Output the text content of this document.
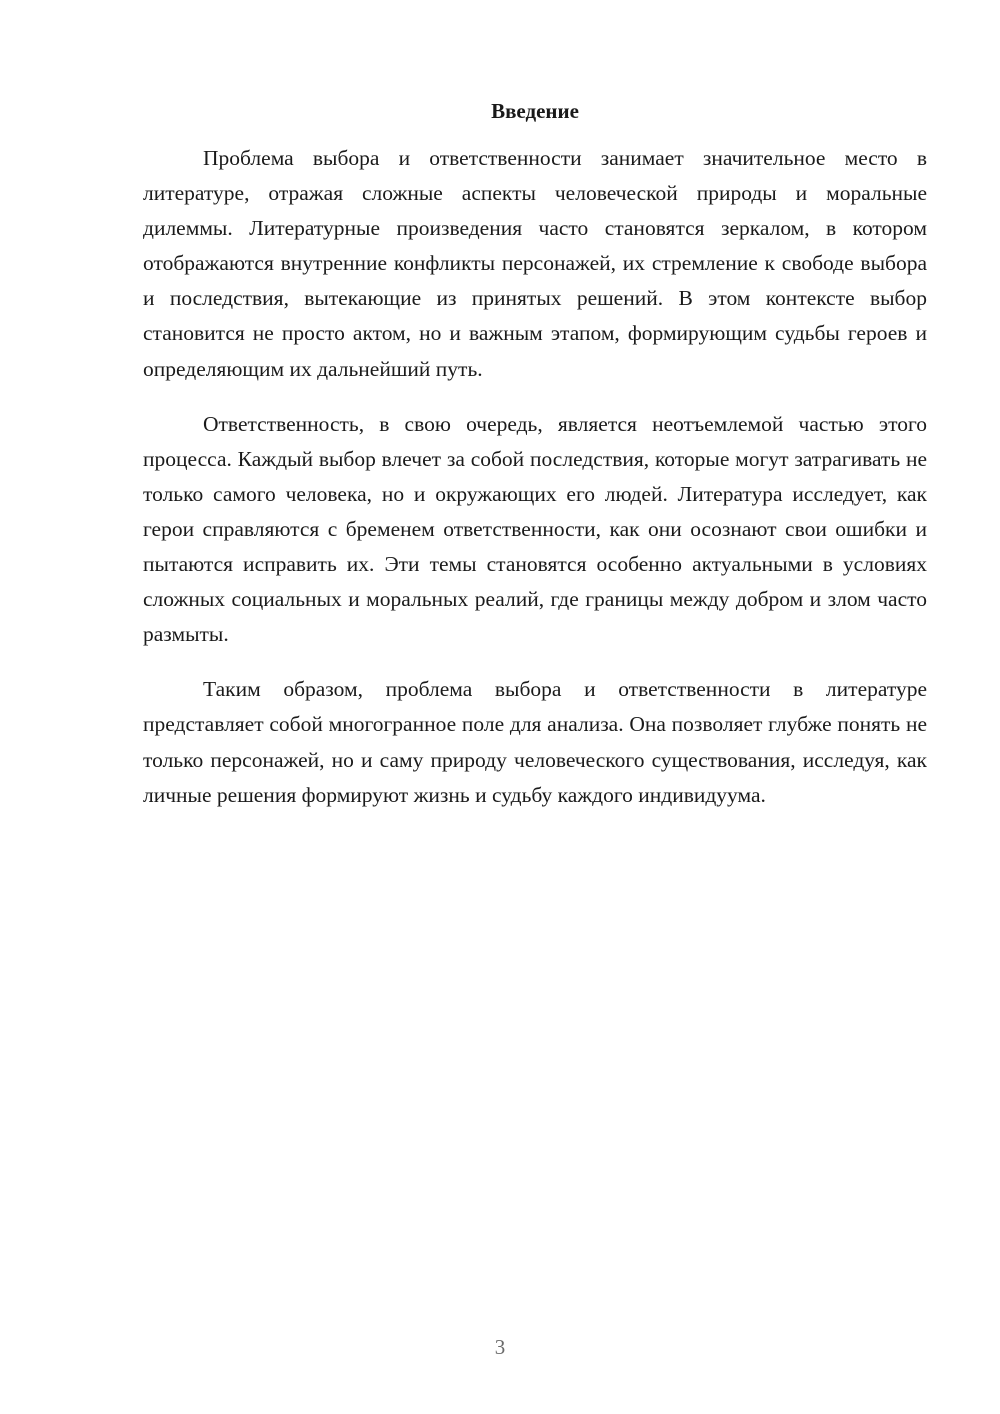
Введение

Проблема выбора и ответственности занимает значительное место в литературе, отражая сложные аспекты человеческой природы и моральные дилеммы. Литературные произведения часто становятся зеркалом, в котором отображаются внутренние конфликты персонажей, их стремление к свободе выбора и последствия, вытекающие из принятых решений. В этом контексте выбор становится не просто актом, но и важным этапом, формирующим судьбы героев и определяющим их дальнейший путь.

Ответственность, в свою очередь, является неотъемлемой частью этого процесса. Каждый выбор влечет за собой последствия, которые могут затрагивать не только самого человека, но и окружающих его людей. Литература исследует, как герои справляются с бременем ответственности, как они осознают свои ошибки и пытаются исправить их. Эти темы становятся особенно актуальными в условиях сложных социальных и моральных реалий, где границы между добром и злом часто размыты.

Таким образом, проблема выбора и ответственности в литературе представляет собой многогранное поле для анализа. Она позволяет глубже понять не только персонажей, но и саму природу человеческого существования, исследуя, как личные решения формируют жизнь и судьбу каждого индивидуума.

3
